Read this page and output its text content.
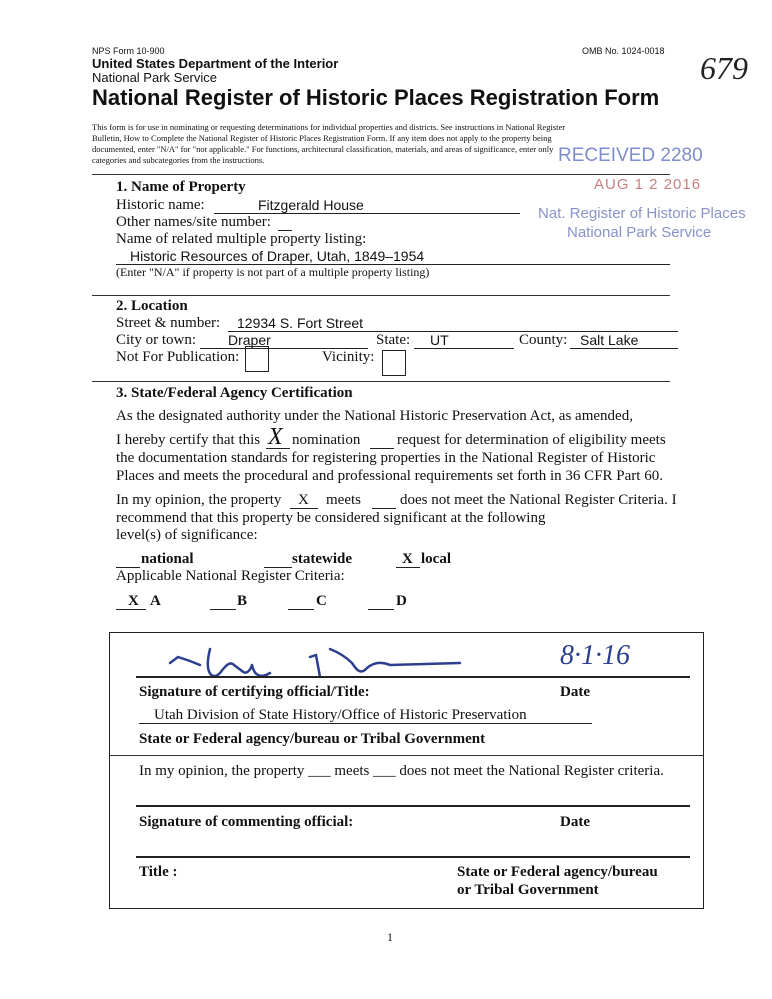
NPS Form 10-900	OMB No. 1024-0018 679
United States Department of the Interior
National Park Service
National Register of Historic Places Registration Form
This form is for use in nominating or requesting determinations for individual properties and districts. See instructions in National Register
Bulletin, How to Complete the National Register of Historic Places Registration Form. If any item does not apply to the property being
documented, enter "N/A" for "not applicable." For functions, architectural classification, materials, and areas of significance, enter only
categories and subcategories from the instructions.	RECEIVED 2280
AUG 1 2 2016
Nat. Register of Historic Places
National Park Service
1. Name of Property
Historic name:	Fitzgerald House
Other names/site number:
Name of related multiple property listing:
Historic Resources of Draper, Utah, 1849–1954
(Enter "N/A" if property is not part of a multiple property listing)
2. Location
Street & number: 12934 S. Fort Street
City or town: Draper	State: UT	County: Salt Lake
Not For Publication:	Vicinity:
3. State/Federal Agency Certification
As the designated authority under the National Historic Preservation Act, as amended,
I hereby certify that this X nomination request for determination of eligibility meets
the documentation standards for registering properties in the National Register of Historic
Places and meets the procedural and professional requirements set forth in 36 CFR Part 60.
In my opinion, the property X meets	does not meet the National Register Criteria. I
recommend that this property be considered significant at the following
level(s) of significance:
national	statewide	X local
Applicable National Register Criteria:
X A	B	C	D
8·1·16
Signature of certifying official/Title:	Date
Utah Division of State History/Office of Historic Preservation
State or Federal agency/bureau or Tribal Government
In my opinion, the property ___ meets ___ does not meet the National Register criteria.
Signature of commenting official:	Date
Title :	State or Federal agency/bureau
or Tribal Government
1
